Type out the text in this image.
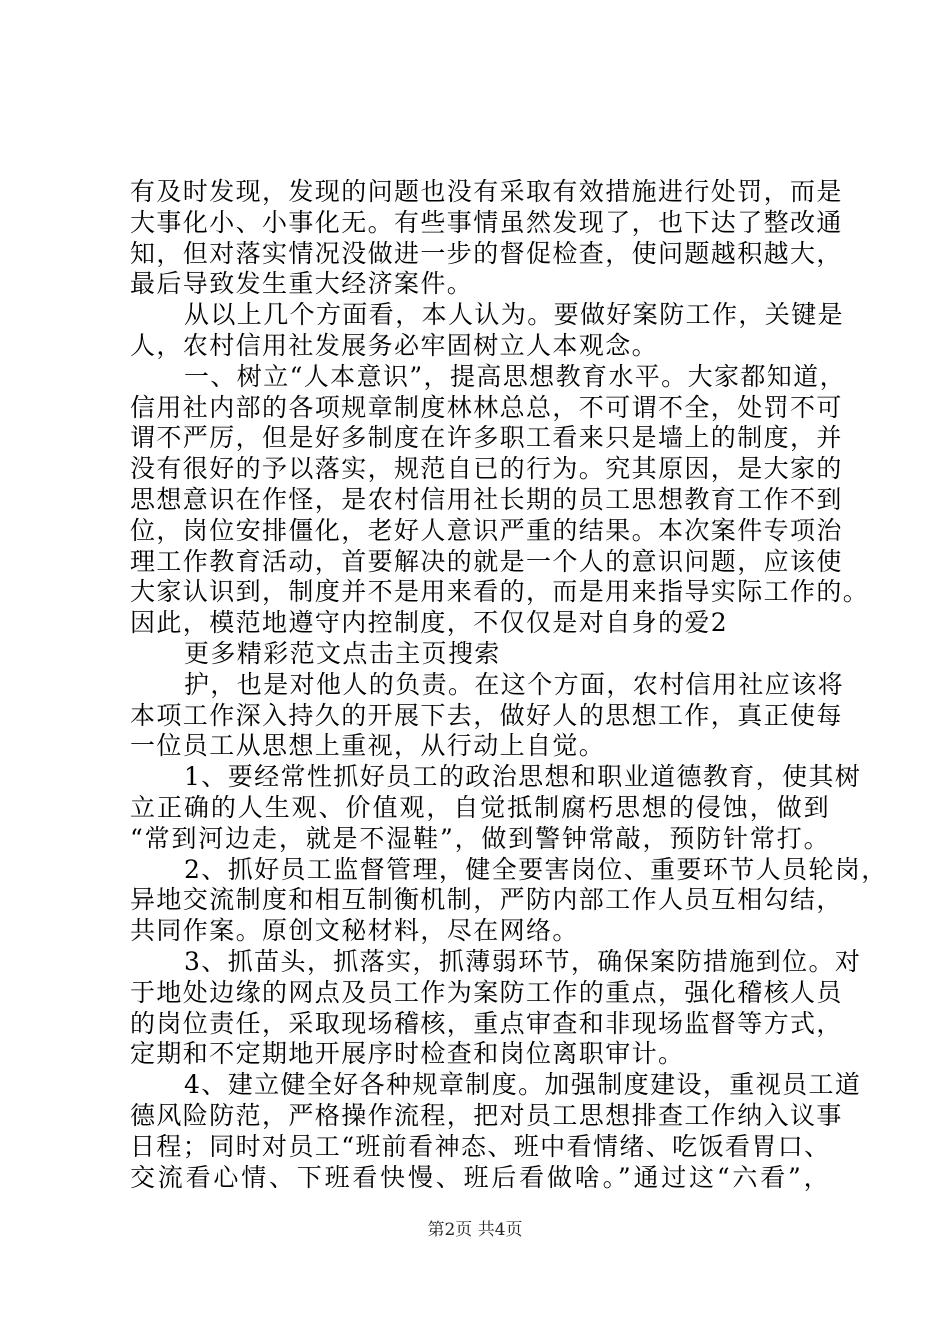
有及时发现，发现的问题也没有采取有效措施进行处罚，而是
大事化小、小事化无。有些事情虽然发现了，也下达了整改通
知，但对落实情况没做进一步的督促检查，使问题越积越大，
最后导致发生重大经济案件。
从以上几个方面看，本人认为。要做好案防工作，关键是
人，农村信用社发展务必牢固树立人本观念。
一、树立“人本意识”，提高思想教育水平。大家都知道，
信用社内部的各项规章制度林林总总，不可谓不全，处罚不可
谓不严厉，但是好多制度在许多职工看来只是墙上的制度，并
没有很好的予以落实，规范自已的行为。究其原因，是大家的
思想意识在作怪，是农村信用社长期的员工思想教育工作不到
位，岗位安排僵化，老好人意识严重的结果。本次案件专项治
理工作教育活动，首要解决的就是一个人的意识问题，应该使
大家认识到，制度并不是用来看的，而是用来指导实际工作的。
因此，模范地遵守内控制度，不仅仅是对自身的爱2
更多精彩范文点击主页搜索
护，也是对他人的负责。在这个方面，农村信用社应该将
本项工作深入持久的开展下去，做好人的思想工作，真正使每
一位员工从思想上重视，从行动上自觉。
1、要经常性抓好员工的政治思想和职业道德教育，使其树
立正确的人生观、价值观，自觉抵制腐朽思想的侵蚀，做到
“常到河边走，就是不湿鞋”，做到警钟常敲，预防针常打。
2、抓好员工监督管理，健全要害岗位、重要环节人员轮岗，
异地交流制度和相互制衡机制，严防内部工作人员互相勾结，
共同作案。原创文秘材料，尽在网络。
3、抓苗头，抓落实，抓薄弱环节，确保案防措施到位。对
于地处边缘的网点及员工作为案防工作的重点，强化稽核人员
的岗位责任，采取现场稽核，重点审查和非现场监督等方式，
定期和不定期地开展序时检查和岗位离职审计。
4、建立健全好各种规章制度。加强制度建设，重视员工道
德风险防范，严格操作流程，把对员工思想排查工作纳入议事
日程；同时对员工“班前看神态、班中看情绪、吃饭看胃口、
交流看心情、下班看快慢、班后看做啥。”通过这“六看”，
第2页 共4页
